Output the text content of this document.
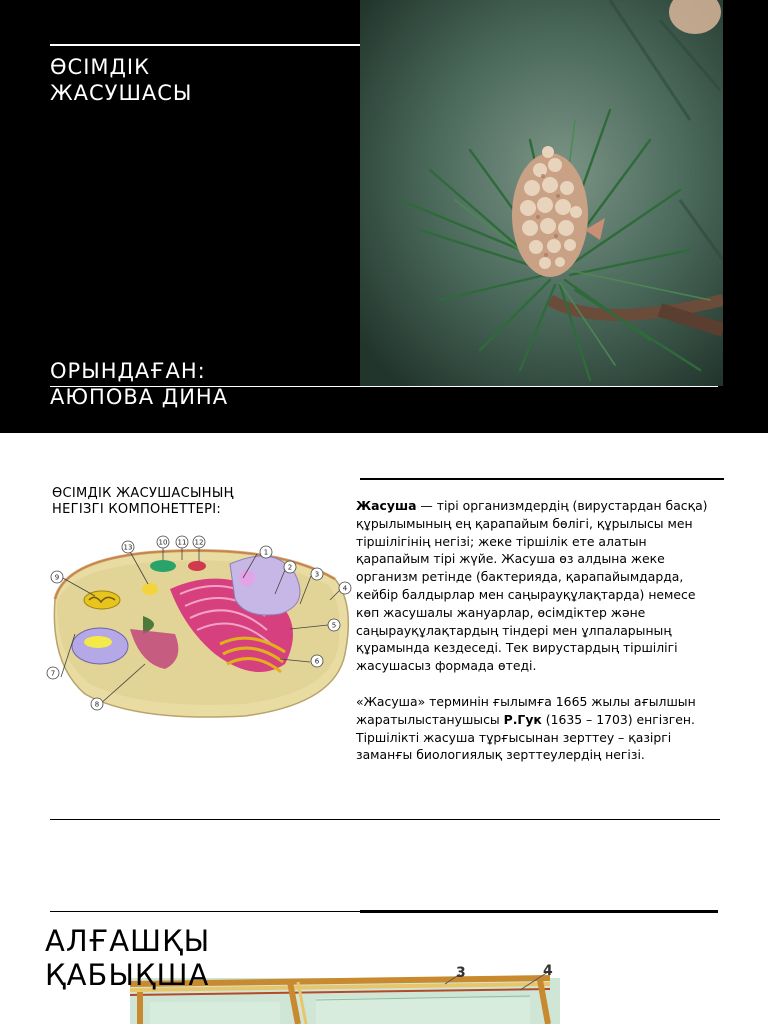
ӨСІМДІК
ЖАСУШАСЫ
ОРЫНДАҒАН:
АЮПОВА ДИНА
ӨСІМДІК ЖАСУШАСЫНЫҢ
НЕГІЗГІ КОМПОНЕТТЕРІ:
1
2
3
4
5
6
7
8
9
10 11 12
13

Жасуша — тірі организмдердің (вирустардан басқа) құрылымының ең қарапайым бөлігі, құрылысы мен тіршілігінің негізі; жеке тіршілік ете алатын қарапайым тірі жүйе. Жасуша өз алдына жеке организм ретінде (бактерияда, қарапайымдарда, кейбір балдырлар мен саңырауқұлақтарда) немесе көп жасушалы жануарлар, өсімдіктер және саңырауқұлақтардың тіндері мен ұлпаларының құрамында кездеседі. Тек вирустардың тіршілігі жасушасыз формада өтеді.

«Жасуша» терминін ғылымға 1665 жылы ағылшын жаратылыстанушысы Р.Гук (1635 – 1703) енгізген. Тіршілікті жасуша тұрғысынан зерттеу – қазіргі заманғы биологиялық зерттеулердің негізі.

АЛҒАШҚЫ
ҚАБЫҚША	3	4
